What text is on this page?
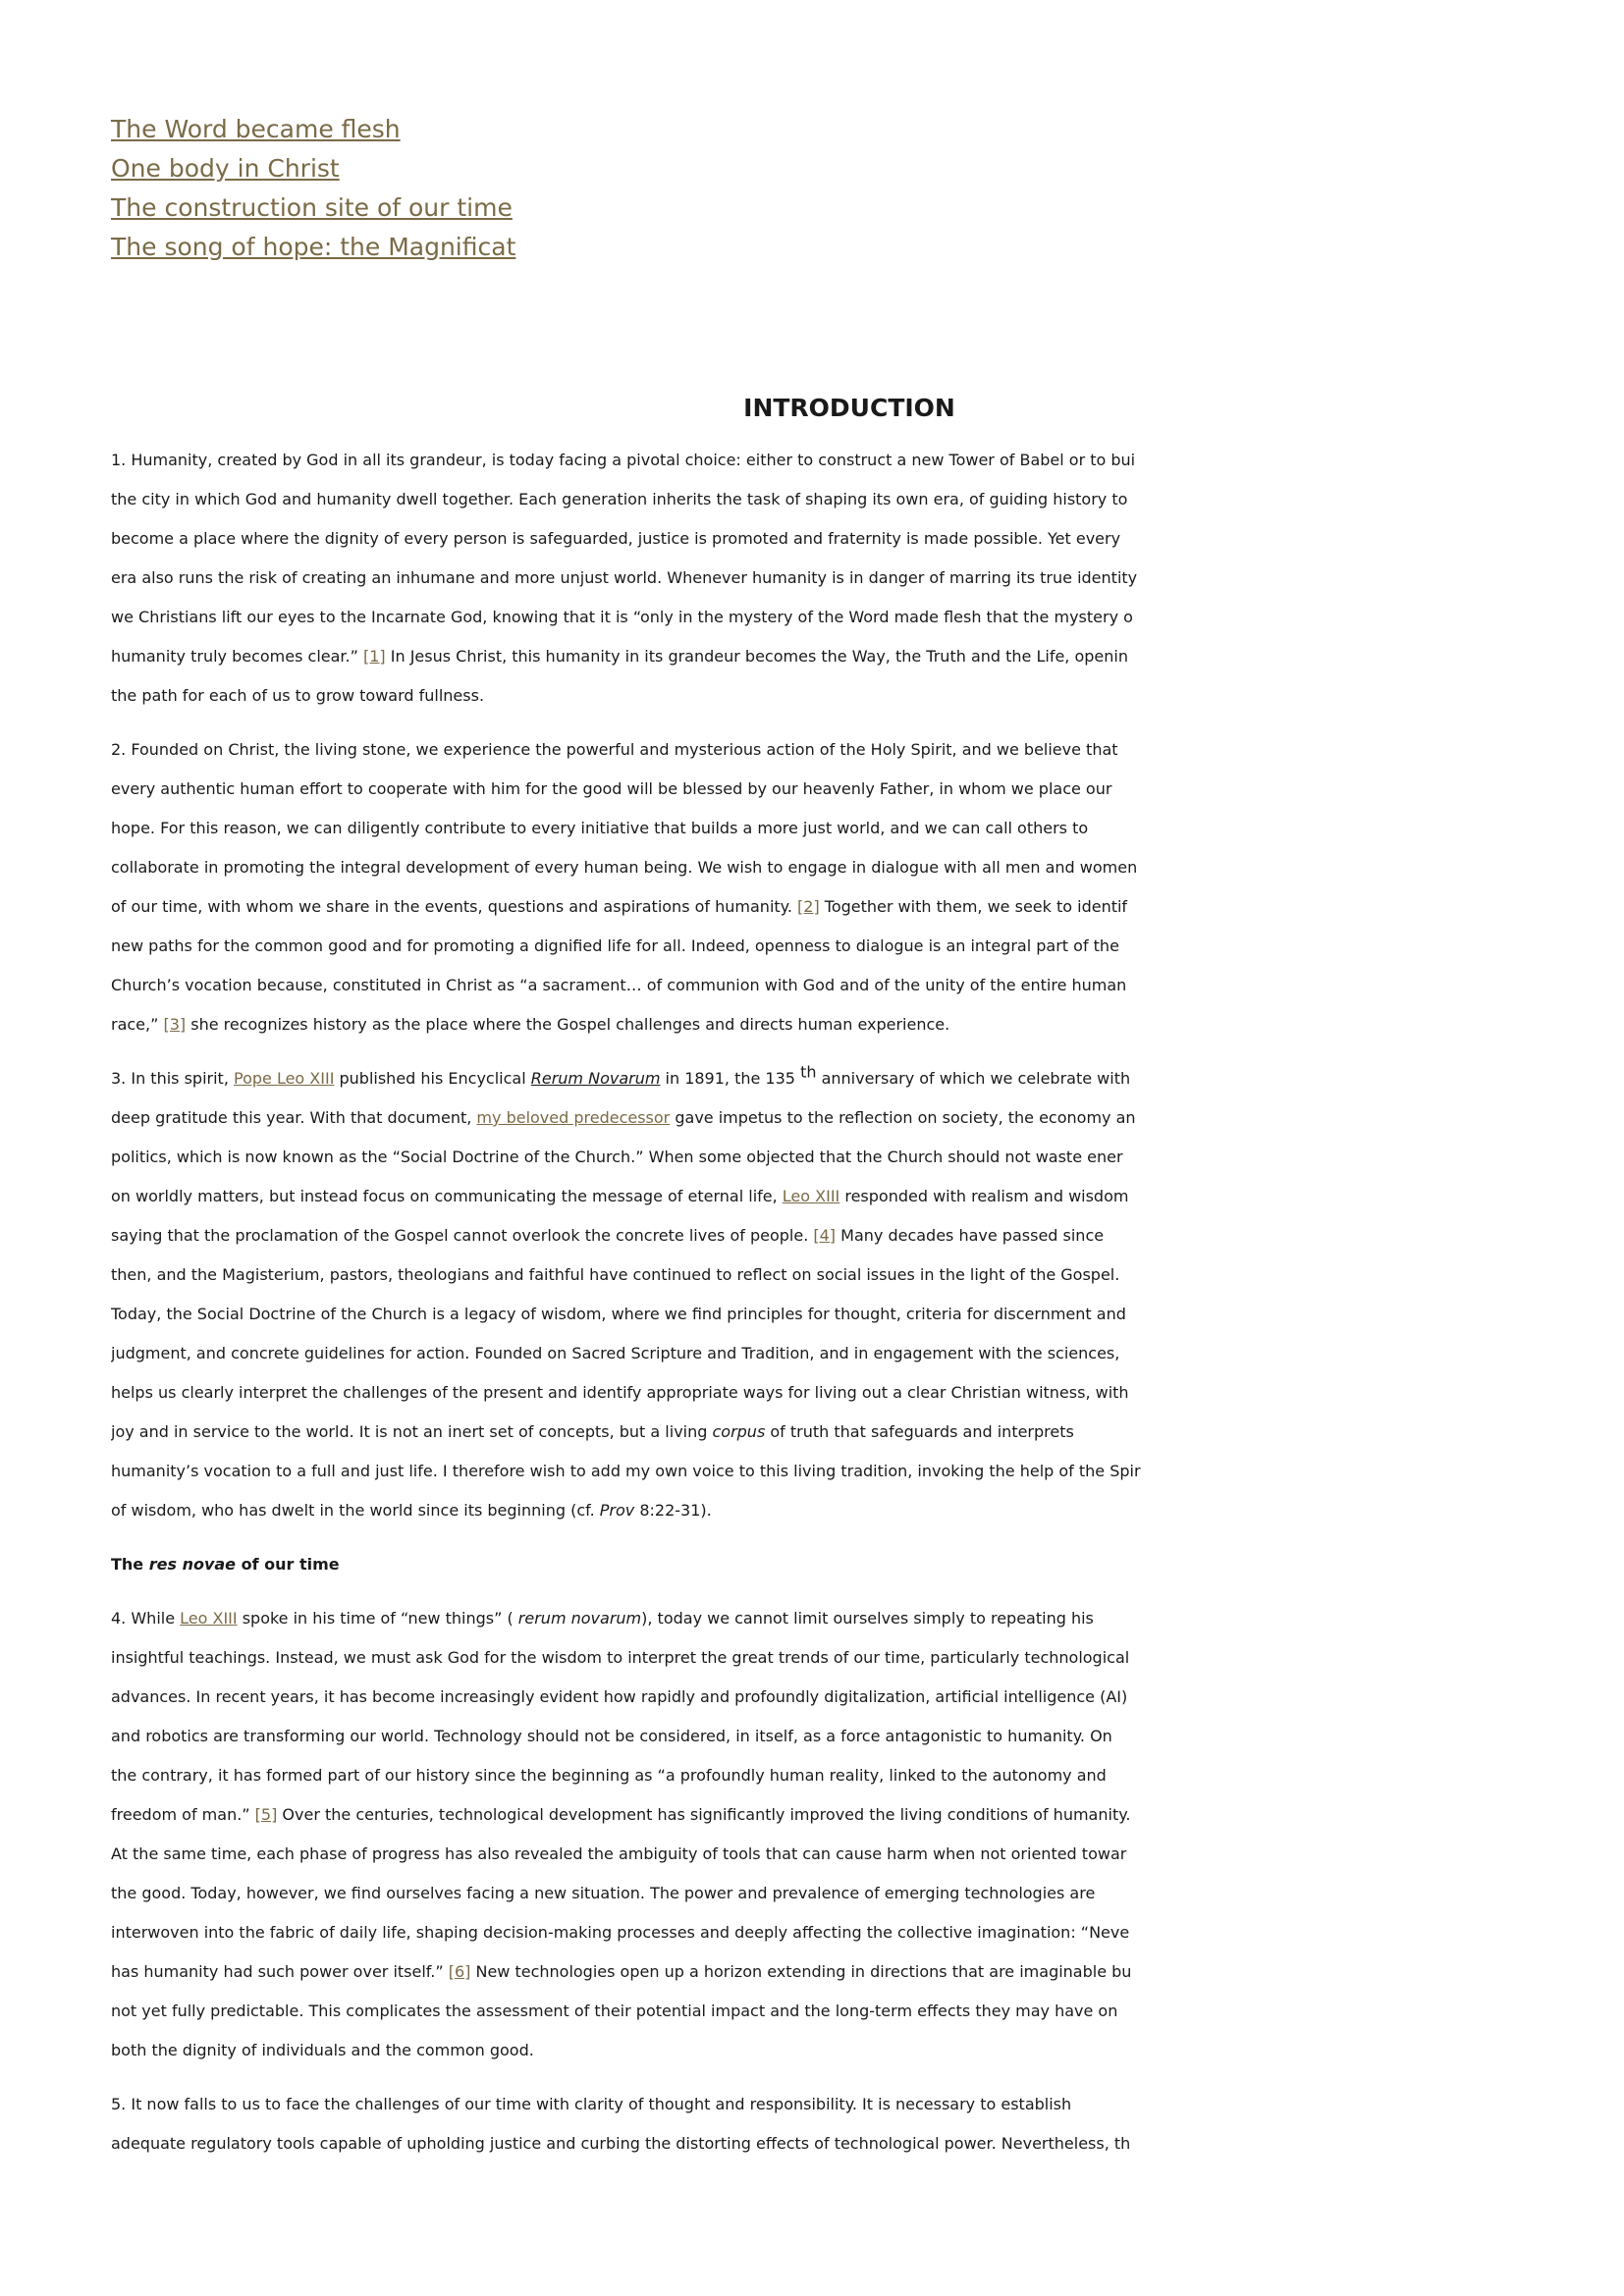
The Word became flesh
One body in Christ
The construction site of our time
The song of hope: the Magnificat
INTRODUCTION

1. Humanity, created by God in all its grandeur, is today facing a pivotal choice: either to construct a new Tower of Babel or to bui
the city in which God and humanity dwell together. Each generation inherits the task of shaping its own era, of guiding history to
become a place where the dignity of every person is safeguarded, justice is promoted and fraternity is made possible. Yet every
era also runs the risk of creating an inhumane and more unjust world. Whenever humanity is in danger of marring its true identity
we Christians lift our eyes to the Incarnate God, knowing that it is “only in the mystery of the Word made flesh that the mystery o
humanity truly becomes clear.” [1] In Jesus Christ, this humanity in its grandeur becomes the Way, the Truth and the Life, openin
the path for each of us to grow toward fullness.

2. Founded on Christ, the living stone, we experience the powerful and mysterious action of the Holy Spirit, and we believe that
every authentic human effort to cooperate with him for the good will be blessed by our heavenly Father, in whom we place our
hope. For this reason, we can diligently contribute to every initiative that builds a more just world, and we can call others to
collaborate in promoting the integral development of every human being. We wish to engage in dialogue with all men and women
of our time, with whom we share in the events, questions and aspirations of humanity. [2] Together with them, we seek to identif
new paths for the common good and for promoting a dignified life for all. Indeed, openness to dialogue is an integral part of the
Church’s vocation because, constituted in Christ as “a sacrament… of communion with God and of the unity of the entire human
race,” [3] she recognizes history as the place where the Gospel challenges and directs human experience.

3. In this spirit, Pope Leo XIII published his Encyclical Rerum Novarum in 1891, the 135 $^{th}$ anniversary of which we celebrate with
deep gratitude this year. With that document, my beloved predecessor gave impetus to the reflection on society, the economy an
politics, which is now known as the “Social Doctrine of the Church.” When some objected that the Church should not waste ener
on worldly matters, but instead focus on communicating the message of eternal life, Leo XIII responded with realism and wisdom
saying that the proclamation of the Gospel cannot overlook the concrete lives of people. [4] Many decades have passed since
then, and the Magisterium, pastors, theologians and faithful have continued to reflect on social issues in the light of the Gospel.
Today, the Social Doctrine of the Church is a legacy of wisdom, where we find principles for thought, criteria for discernment and
judgment, and concrete guidelines for action. Founded on Sacred Scripture and Tradition, and in engagement with the sciences,
helps us clearly interpret the challenges of the present and identify appropriate ways for living out a clear Christian witness, with
joy and in service to the world. It is not an inert set of concepts, but a living corpus of truth that safeguards and interprets
humanity’s vocation to a full and just life. I therefore wish to add my own voice to this living tradition, invoking the help of the Spir
of wisdom, who has dwelt in the world since its beginning (cf. Prov 8:22-31).

The res novae of our time

4. While Leo XIII spoke in his time of “new things” ( rerum novarum), today we cannot limit ourselves simply to repeating his
insightful teachings. Instead, we must ask God for the wisdom to interpret the great trends of our time, particularly technological
advances. In recent years, it has become increasingly evident how rapidly and profoundly digitalization, artificial intelligence (AI)
and robotics are transforming our world. Technology should not be considered, in itself, as a force antagonistic to humanity. On
the contrary, it has formed part of our history since the beginning as “a profoundly human reality, linked to the autonomy and
freedom of man.” [5] Over the centuries, technological development has significantly improved the living conditions of humanity.
At the same time, each phase of progress has also revealed the ambiguity of tools that can cause harm when not oriented towar
the good. Today, however, we find ourselves facing a new situation. The power and prevalence of emerging technologies are
interwoven into the fabric of daily life, shaping decision-making processes and deeply affecting the collective imagination: “Neve
has humanity had such power over itself.” [6] New technologies open up a horizon extending in directions that are imaginable bu
not yet fully predictable. This complicates the assessment of their potential impact and the long-term effects they may have on
both the dignity of individuals and the common good.

5. It now falls to us to face the challenges of our time with clarity of thought and responsibility. It is necessary to establish
adequate regulatory tools capable of upholding justice and curbing the distorting effects of technological power. Nevertheless, th
